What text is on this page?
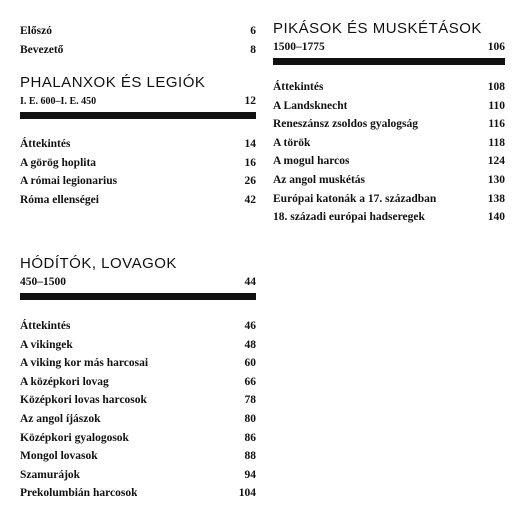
Előszó	6
Bevezető	8
PHALANXOK ÉS LEGIÓK
I. E. 600–I. E. 450	12
Áttekintés	14
A görög hoplita	16
A római legionarius	26
Róma ellenségei	42
HÓDÍTÓK, LOVAGOK
450–1500	44
Áttekintés	46
A vikingek	48
A viking kor más harcosai	60
A középkori lovag	66
Középkori lovas harcosok	78
Az angol íjászok	80
Középkori gyalogosok	86
Mongol lovasok	88
Szamurájok	94
Prekolumbián harcosok	104
PIKÁSOK ÉS MUSKÉTÁSOK
1500–1775	106
Áttekintés	108
A Landsknecht	110
Reneszánsz zsoldos gyalogság	116
A török	118
A mogul harcos	124
Az angol muskétás	130
Európai katonák a 17. században	138
18. századi európai hadseregek	140
